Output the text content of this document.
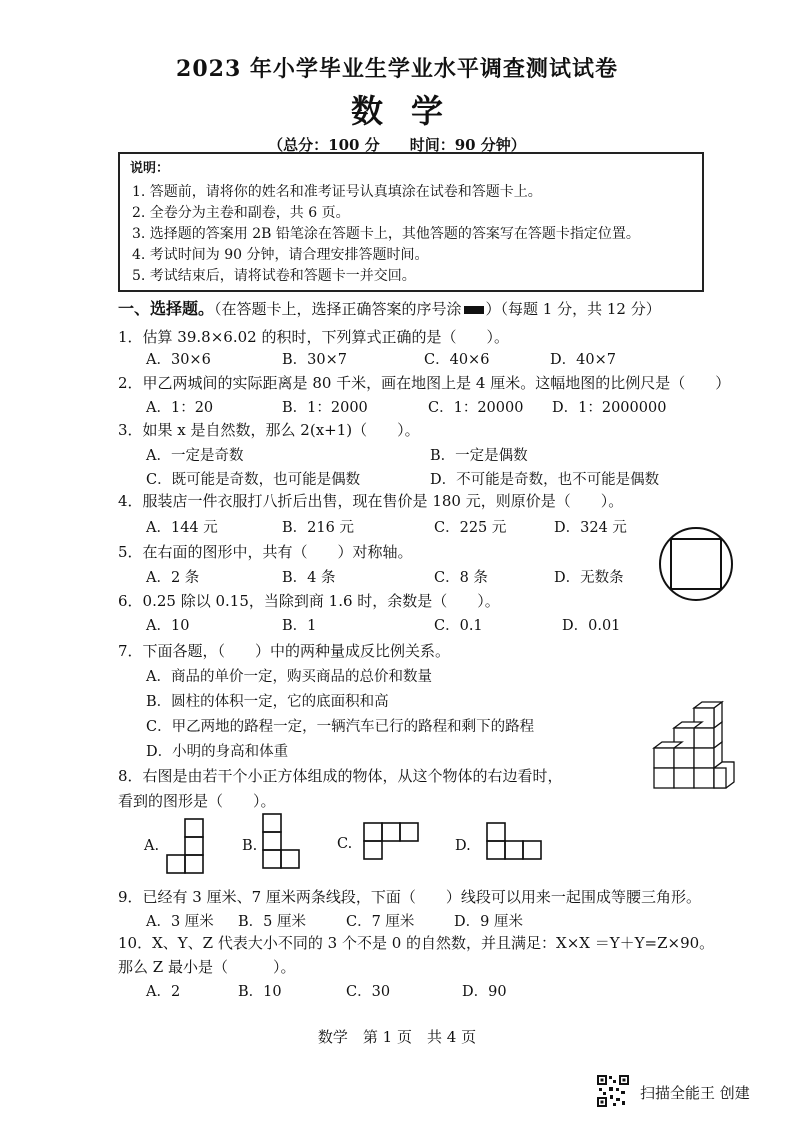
2023 年小学毕业生学业水平调查测试试卷
数学
（总分：100 分　　时间：90 分钟）
说明：
1. 答题前，请将你的姓名和准考证号认真填涂在试卷和答题卡上。
2. 全卷分为主卷和副卷，共 6 页。
3. 选择题的答案用 2B 铅笔涂在答题卡上，其他答题的答案写在答题卡指定位置。
4. 考试时间为 90 分钟，请合理安排答题时间。
5. 考试结束后，请将试卷和答题卡一并交回。
一、选择题。（在答题卡上，选择正确答案的序号涂 ）（每题 1 分，共 12 分）
1．估算 39.8×6.02 的积时，下列算式正确的是（　　）。
A．30×6	B．30×7	C．40×6	D．40×7
2．甲乙两城间的实际距离是 80 千米，画在地图上是 4 厘米。这幅地图的比例尺是（　　）
A．1：20	B．1：2000	C．1：20000 D．1：2000000
3．如果 x 是自然数，那么 2(x+1)（　　）。
A．一定是奇数	B．一定是偶数
C．既可能是奇数，也可能是偶数	D．不可能是奇数，也不可能是偶数
4．服装店一件衣服打八折后出售，现在售价是 180 元，则原价是（　　）。
A．144 元	B．216 元	C．225 元	D．324 元
5．在右面的图形中，共有（　　）对称轴。
A．2 条	B．4 条	C．8 条	D．无数条
6．0.25 除以 0.15，当除到商 1.6 时，余数是（　　）。
A．10	B．1	C．0.1	D．0.01
7．下面各题，（　　）中的两种量成反比例关系。
A．商品的单价一定，购买商品的总价和数量
B．圆柱的体积一定，它的底面积和高
C．甲乙两地的路程一定，一辆汽车已行的路程和剩下的路程
D．小明的身高和体重
8．右图是由若干个小正方体组成的物体，从这个物体的右边看时，
看到的图形是（　　）。
A.	B.	C.	D.
9．已经有 3 厘米、7 厘米两条线段，下面（　　）线段可以用来一起围成等腰三角形。
A．3 厘米 B．5 厘米	C．7 厘米	D．9 厘米
10．X、Y、Z 代表大小不同的 3 个不是 0 的自然数，并且满足：X×X ＝Y＋Y=Z×90。
那么 Z 最小是（　　　）。
A．2	B．10	C．30	D．90
数学　第 1 页　共 4 页
扫描全能王 创建
